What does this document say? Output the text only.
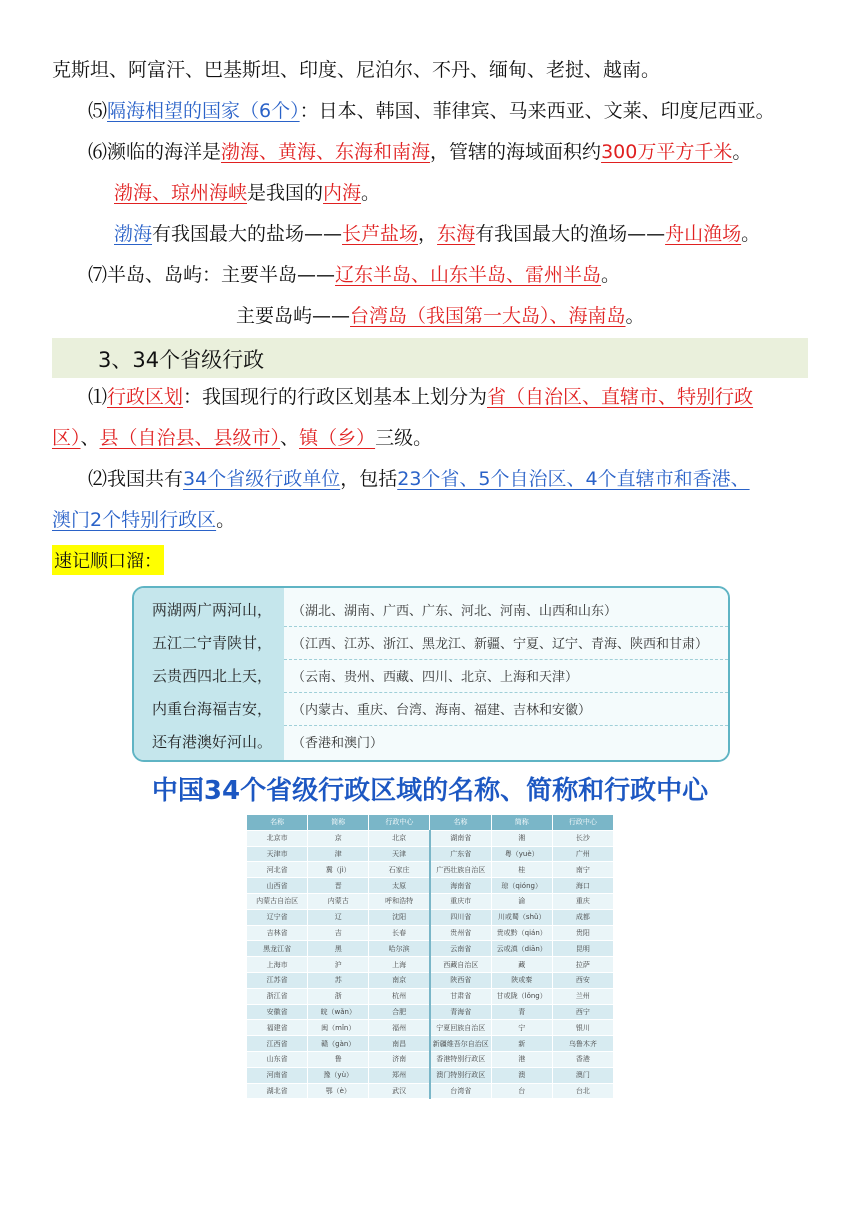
克斯坦、阿富汗、巴基斯坦、印度、尼泊尔、不丹、缅甸、老挝、越南。
⑸隔海相望的国家（6个）：日本、韩国、菲律宾、马来西亚、文莱、印度尼西亚。
⑹濒临的海洋是渤海、黄海、东海和南海，管辖的海域面积约300万平方千米。
渤海、琼州海峡是我国的内海。
渤海有我国最大的盐场——长芦盐场，东海有我国最大的渔场——舟山渔场。
⑺半岛、岛屿：主要半岛——辽东半岛、山东半岛、雷州半岛。
主要岛屿——台湾岛（我国第一大岛）、海南岛。
3、34个省级行政
⑴行政区划：我国现行的行政区划基本上划分为省（自治区、直辖市、特别行政
区）、县（自治县、县级市）、镇（乡）三级。
⑵我国共有34个省级行政单位，包括23个省、5个自治区、4个直辖市和香港、
澳门2个特别行政区。
速记顺口溜：
两湖两广两河山， （湖北、湖南、广西、广东、河北、河南、山西和山东）
五江二宁青陕甘， （江西、江苏、浙江、黑龙江、新疆、宁夏、辽宁、青海、陕西和甘肃）
云贵西四北上天， （云南、贵州、西藏、四川、北京、上海和天津）
内重台海福吉安， （内蒙古、重庆、台湾、海南、福建、吉林和安徽）
还有港澳好河山。 （香港和澳门）
中国34个省级行政区域的名称、简称和行政中心
名称	简称	行政中心	名称	简称	行政中心
北京市	京	北京	湖南省	湘	长沙
天津市	津	天津	广东省	粤（yuè）	广州
河北省	冀（jì）	石家庄	广西壮族自治区	桂	南宁
山西省	晋	太原	海南省	琼（qióng）	海口
内蒙古自治区	内蒙古	呼和浩特	重庆市	渝	重庆
辽宁省	辽	沈阳	四川省	川或蜀（shǔ）	成都
吉林省	吉	长春	贵州省	贵或黔（qián）	贵阳
黑龙江省	黑	哈尔滨	云南省	云或滇（diān）	昆明
上海市	沪	上海	西藏自治区	藏	拉萨
江苏省	苏	南京	陕西省	陕或秦	西安
浙江省	浙	杭州	甘肃省	甘或陇（lǒng）	兰州
安徽省	皖（wǎn）	合肥	青海省	青	西宁
福建省	闽（mǐn）	福州	宁夏回族自治区	宁	银川
江西省	赣（gàn）	南昌	新疆维吾尔自治区	新	乌鲁木齐
山东省	鲁	济南	香港特别行政区	港	香港
河南省	豫（yù）	郑州	澳门特别行政区	澳	澳门
湖北省	鄂（è）	武汉	台湾省	台	台北
